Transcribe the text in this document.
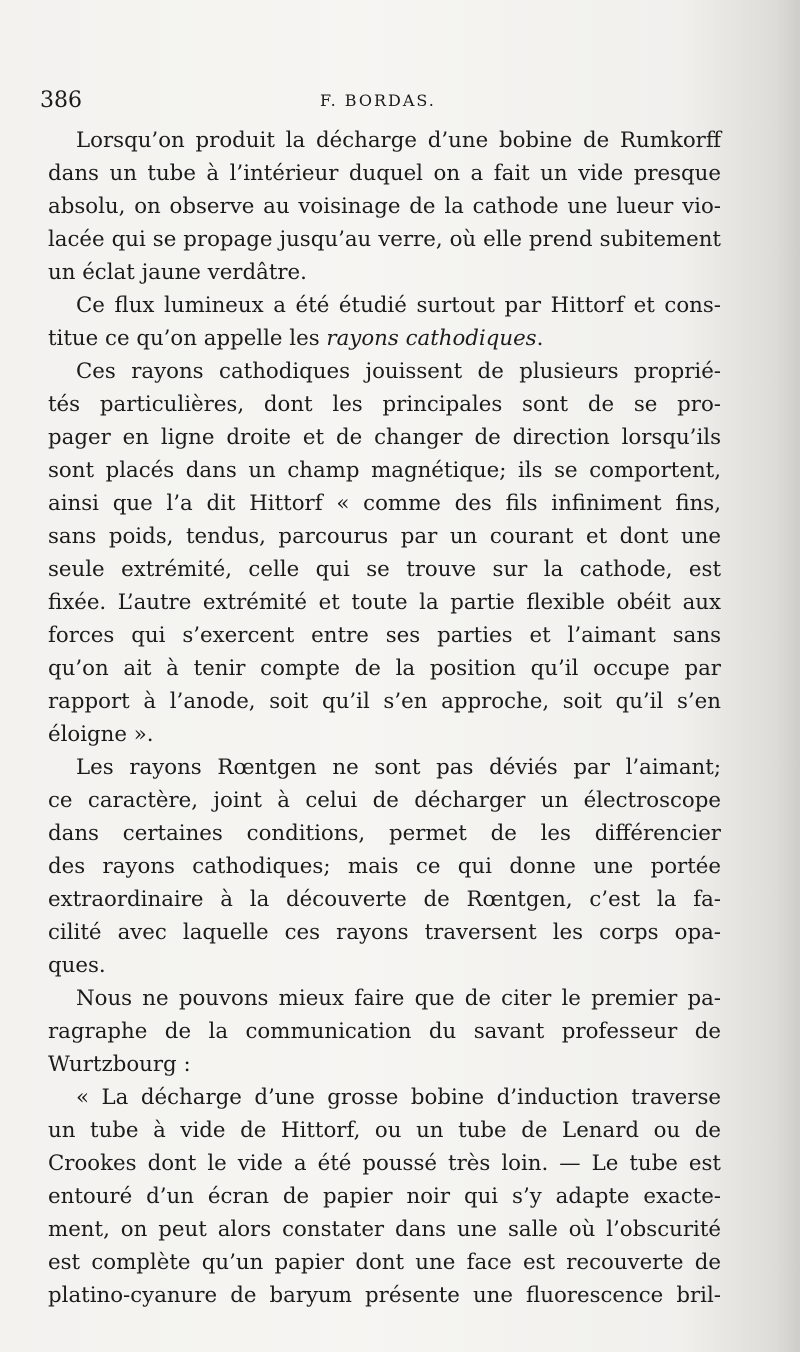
386	F. BORDAS.
Lorsqu’on produit la décharge d’une bobine de Rumkorff
dans un tube à l’intérieur duquel on a fait un vide presque
absolu, on observe au voisinage de la cathode une lueur vio-
lacée qui se propage jusqu’au verre, où elle prend subitement
un éclat jaune verdâtre.
Ce flux lumineux a été étudié surtout par Hittorf et cons-
titue ce qu’on appelle les rayons cathodiques.
Ces rayons cathodiques jouissent de plusieurs proprié-
tés particulières, dont les principales sont de se pro-
pager en ligne droite et de changer de direction lorsqu’ils
sont placés dans un champ magnétique; ils se comportent,
ainsi que l’a dit Hittorf « comme des fils infiniment fins,
sans poids, tendus, parcourus par un courant et dont une
seule extrémité, celle qui se trouve sur la cathode, est
fixée. L’autre extrémité et toute la partie flexible obéit aux
forces qui s’exercent entre ses parties et l’aimant sans
qu’on ait à tenir compte de la position qu’il occupe par
rapport à l’anode, soit qu’il s’en approche, soit qu’il s’en
éloigne ».
Les rayons Rœntgen ne sont pas déviés par l’aimant;
ce caractère, joint à celui de décharger un électroscope
dans certaines conditions, permet de les différencier
des rayons cathodiques; mais ce qui donne une portée
extraordinaire à la découverte de Rœntgen, c’est la fa-
cilité avec laquelle ces rayons traversent les corps opa-
ques.
Nous ne pouvons mieux faire que de citer le premier pa-
ragraphe de la communication du savant professeur de
Wurtzbourg :
« La décharge d’une grosse bobine d’induction traverse
un tube à vide de Hittorf, ou un tube de Lenard ou de
Crookes dont le vide a été poussé très loin. — Le tube est
entouré d’un écran de papier noir qui s’y adapte exacte-
ment, on peut alors constater dans une salle où l’obscurité
est complète qu’un papier dont une face est recouverte de
platino-cyanure de baryum présente une fluorescence bril-
